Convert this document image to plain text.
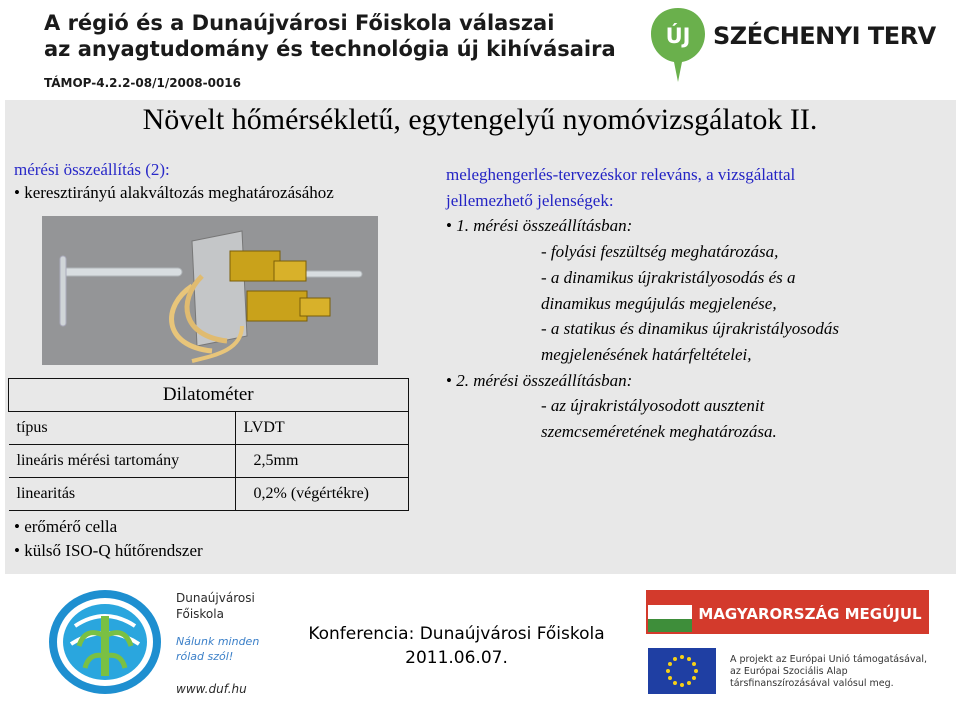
A régió és a Dunaújvárosi Főiskola válaszai
az anyagtudomány és technológia új kihívásaira
TÁMOP-4.2.2-08/1/2008-0016
ÚJ SZÉCHENYI TERV
Növelt hőmérsékletű, egytengelyű nyomóvizsgálatok II.
mérési összeállítás (2):
• keresztirányú alakváltozás meghatározásához
Dilatométer	
típus	LVDT
lineáris mérési tartomány	2,5mm
linearitás	0,2% (végértékre)
• erőmérő cella
• külső ISO-Q hűtőrendszer
meleghengerlés-tervezéskor releváns, a vizsgálattal
jellemezhető jelenségek:
• 1. mérési összeállításban:
- folyási feszültség meghatározása,
- a dinamikus újrakristályosodás és a
dinamikus megújulás megjelenése,
- a statikus és dinamikus újrakristályosodás
megjelenésének határfeltételei,
• 2. mérési összeállításban:
- az újrakristályosodott ausztenit
szemcseméretének meghatározása.
Dunaújvárosi
Főiskola
Nálunk minden
rólad szól!
www.duf.hu
Konferencia: Dunaújvárosi Főiskola
2011.06.07.
MAGYARORSZÁG MEGÚJUL
A projekt az Európai Unió támogatásával,
az Európai Szociális Alap
társfinanszírozásával valósul meg.
